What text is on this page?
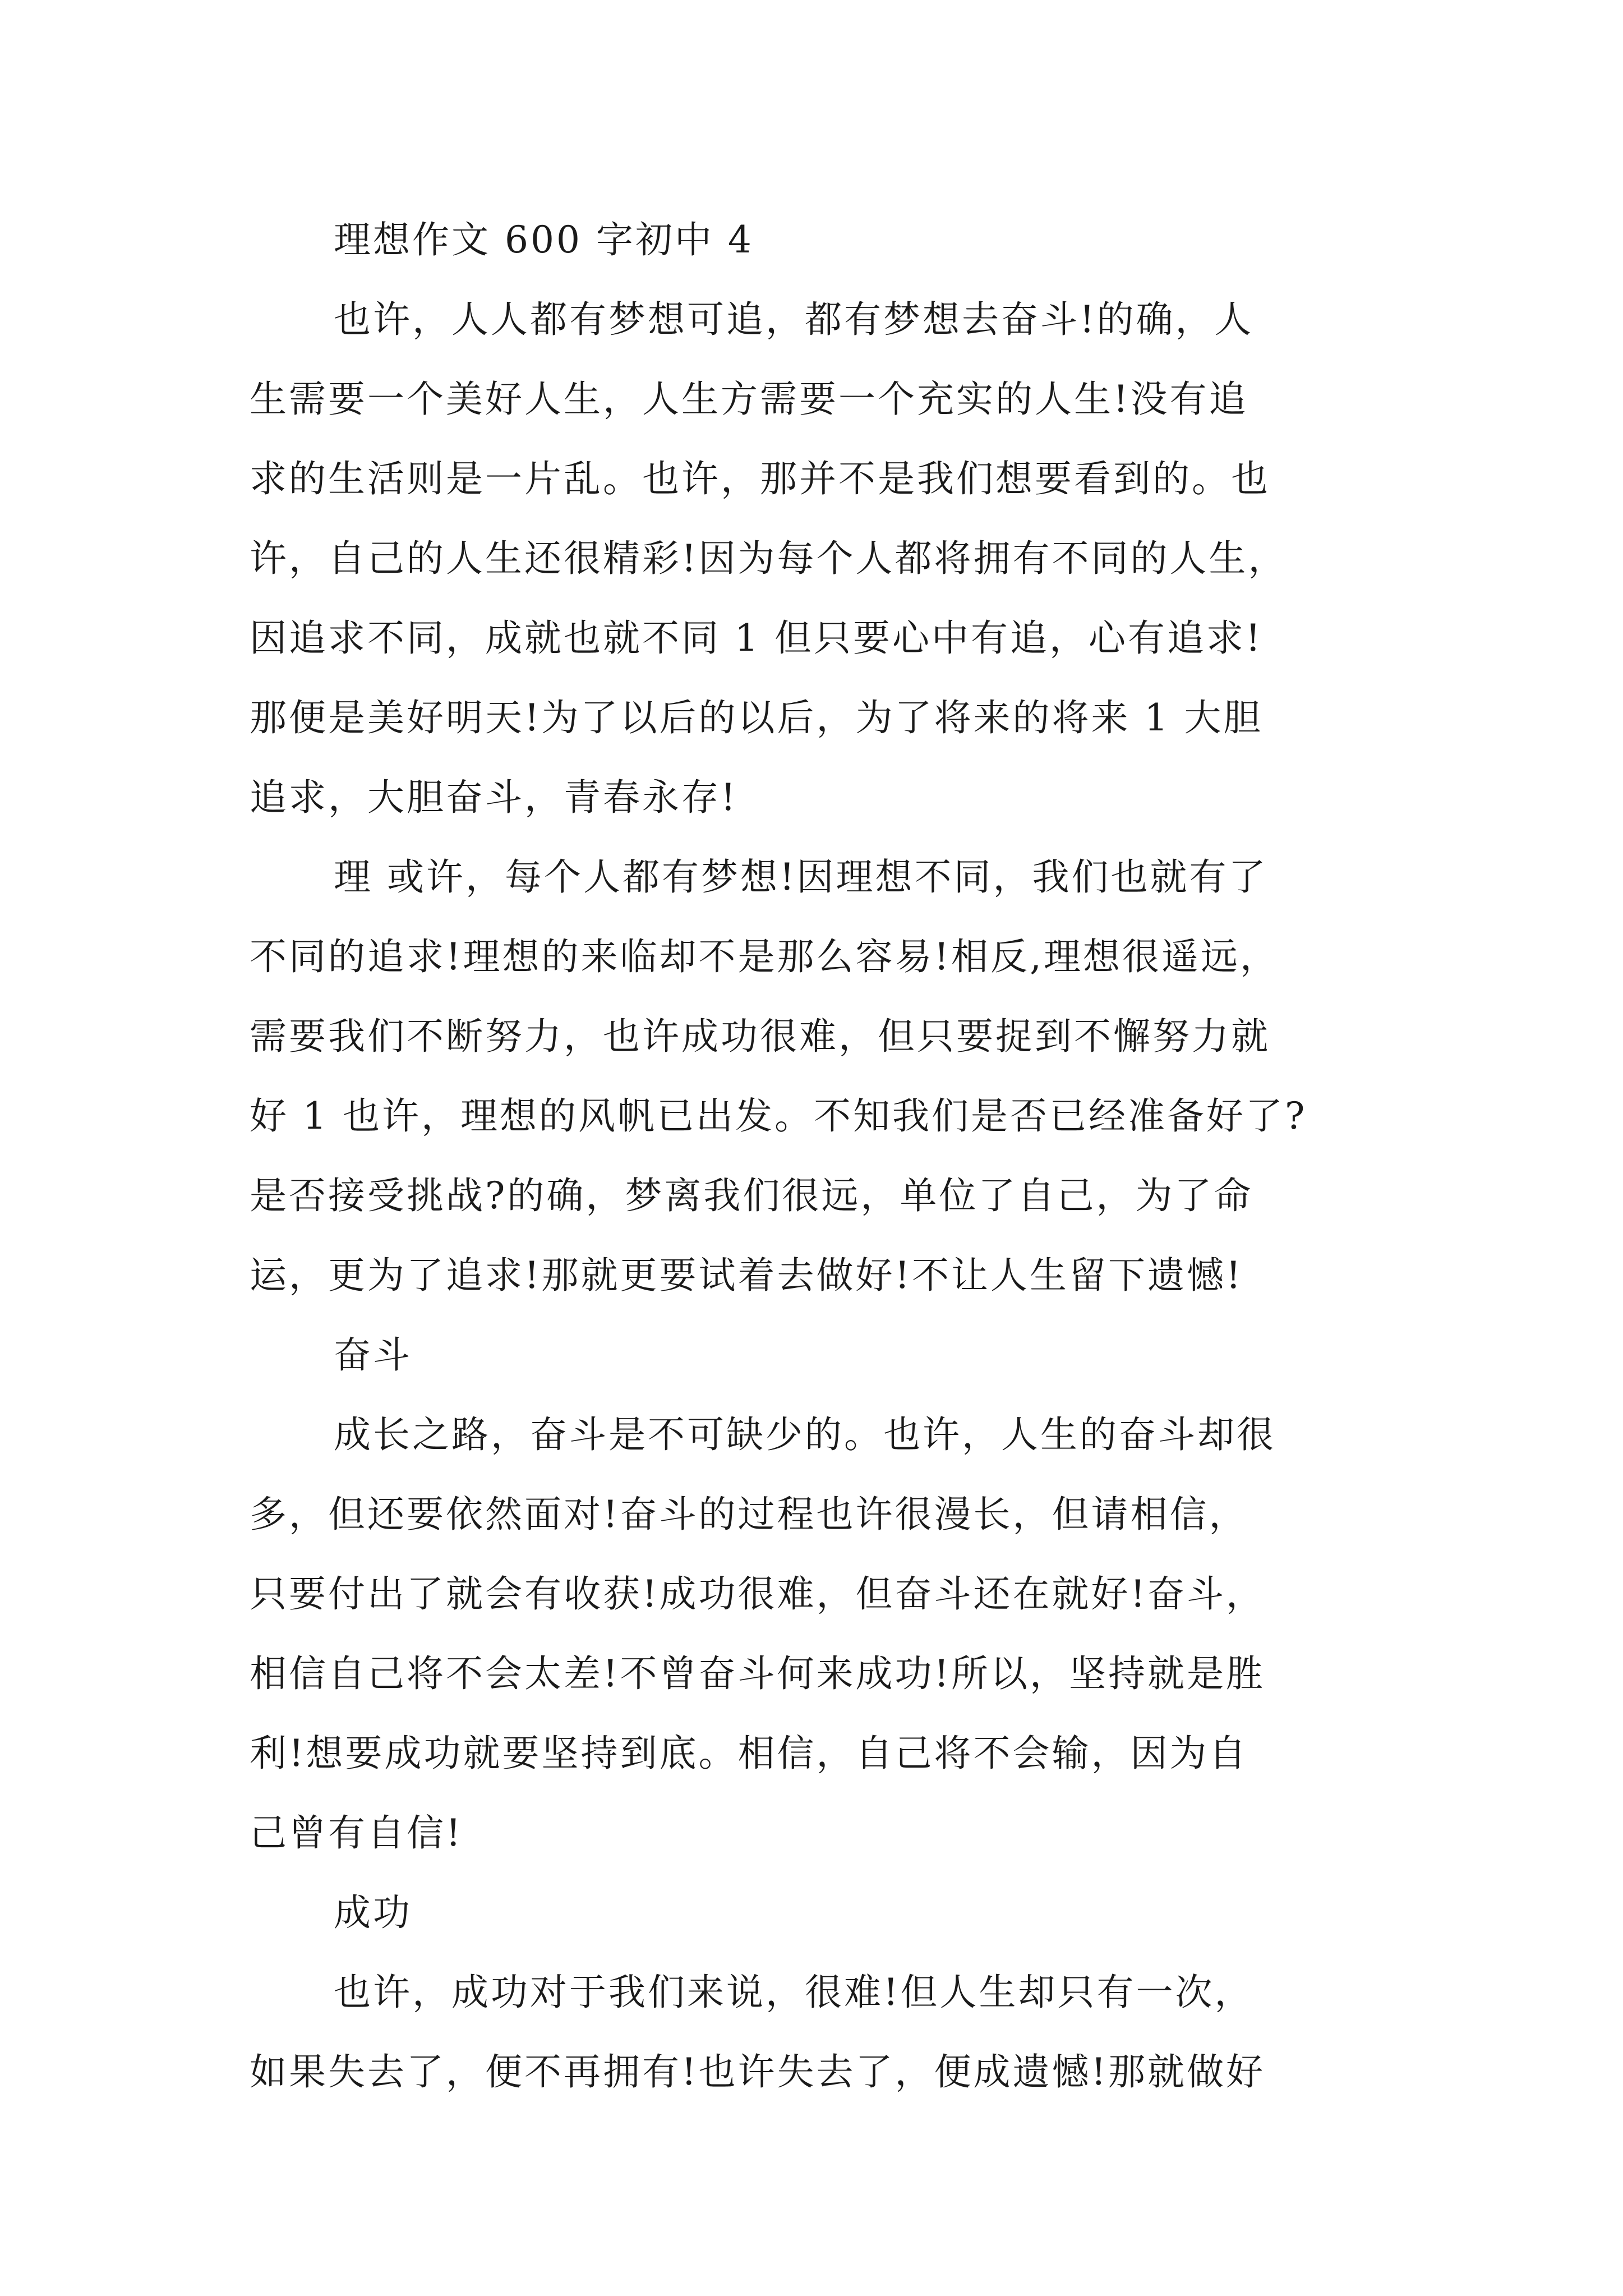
理想作文 600 字初中 4
也许，人人都有梦想可追，都有梦想去奋斗!的确，人
生需要一个美好人生，人生方需要一个充实的人生!没有追
求的生活则是一片乱。也许，那并不是我们想要看到的。也
许，自己的人生还很精彩!因为每个人都将拥有不同的人生，
因追求不同，成就也就不同 1 但只要心中有追，心有追求!
那便是美好明天!为了以后的以后，为了将来的将来 1 大胆
追求，大胆奋斗，青春永存!
理 或许，每个人都有梦想!因理想不同，我们也就有了
不同的追求!理想的来临却不是那么容易!相反,理想很遥远，
需要我们不断努力，也许成功很难，但只要捉到不懈努力就
好 1 也许，理想的风帆已出发。不知我们是否已经准备好了?
是否接受挑战?的确，梦离我们很远，单位了自己，为了命
运，更为了追求!那就更要试着去做好!不让人生留下遗憾!
奋斗
成长之路，奋斗是不可缺少的。也许，人生的奋斗却很
多，但还要依然面对!奋斗的过程也许很漫长，但请相信，
只要付出了就会有收获!成功很难，但奋斗还在就好!奋斗，
相信自己将不会太差!不曾奋斗何来成功!所以，坚持就是胜
利!想要成功就要坚持到底。相信，自己将不会输，因为自
己曾有自信!
成功
也许，成功对于我们来说，很难!但人生却只有一次，
如果失去了，便不再拥有!也许失去了，便成遗憾!那就做好
